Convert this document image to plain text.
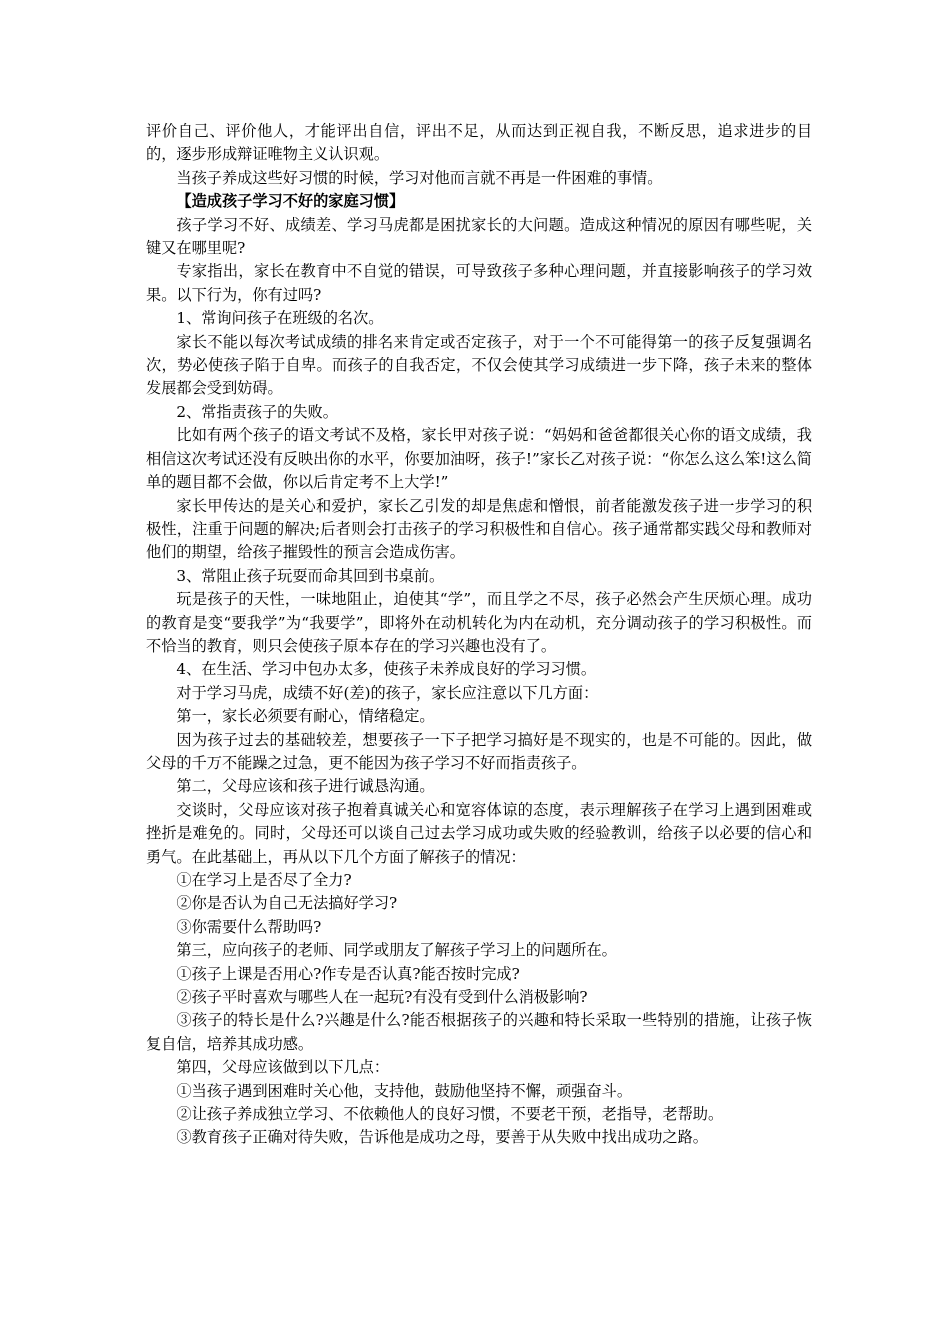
评价自己、评价他人，才能评出自信，评出不足，从而达到正视自我，不断反思，追求进步的目的，逐步形成辩证唯物主义认识观。

当孩子养成这些好习惯的时候，学习对他而言就不再是一件困难的事情。

【造成孩子学习不好的家庭习惯】

孩子学习不好、成绩差、学习马虎都是困扰家长的大问题。造成这种情况的原因有哪些呢，关键又在哪里呢?

专家指出，家长在教育中不自觉的错误，可导致孩子多种心理问题，并直接影响孩子的学习效果。以下行为，你有过吗?

1、常询问孩子在班级的名次。

家长不能以每次考试成绩的排名来肯定或否定孩子，对于一个不可能得第一的孩子反复强调名次，势必使孩子陷于自卑。而孩子的自我否定，不仅会使其学习成绩进一步下降，孩子未来的整体发展都会受到妨碍。

2、常指责孩子的失败。

比如有两个孩子的语文考试不及格，家长甲对孩子说：“妈妈和爸爸都很关心你的语文成绩，我相信这次考试还没有反映出你的水平，你要加油呀，孩子!”家长乙对孩子说：“你怎么这么笨!这么简单的题目都不会做，你以后肯定考不上大学!”

家长甲传达的是关心和爱护，家长乙引发的却是焦虑和憎恨，前者能激发孩子进一步学习的积极性，注重于问题的解决;后者则会打击孩子的学习积极性和自信心。孩子通常都实践父母和教师对他们的期望，给孩子摧毁性的预言会造成伤害。

3、常阻止孩子玩耍而命其回到书桌前。

玩是孩子的天性，一味地阻止，迫使其“学”，而且学之不尽，孩子必然会产生厌烦心理。成功的教育是变“要我学”为“我要学”，即将外在动机转化为内在动机，充分调动孩子的学习积极性。而不恰当的教育，则只会使孩子原本存在的学习兴趣也没有了。

4、在生活、学习中包办太多，使孩子未养成良好的学习习惯。

对于学习马虎，成绩不好(差)的孩子，家长应注意以下几方面：

第一，家长必须要有耐心，情绪稳定。

因为孩子过去的基础较差，想要孩子一下子把学习搞好是不现实的，也是不可能的。因此，做父母的千万不能躁之过急，更不能因为孩子学习不好而指责孩子。

第二，父母应该和孩子进行诚恳沟通。

交谈时，父母应该对孩子抱着真诚关心和宽容体谅的态度，表示理解孩子在学习上遇到困难或挫折是难免的。同时，父母还可以谈自己过去学习成功或失败的经验教训，给孩子以必要的信心和勇气。在此基础上，再从以下几个方面了解孩子的情况：

①在学习上是否尽了全力?

②你是否认为自己无法搞好学习?

③你需要什么帮助吗?

第三，应向孩子的老师、同学或朋友了解孩子学习上的问题所在。

①孩子上课是否用心?作专是否认真?能否按时完成?

②孩子平时喜欢与哪些人在一起玩?有没有受到什么消极影响?

③孩子的特长是什么?兴趣是什么?能否根据孩子的兴趣和特长采取一些特别的措施，让孩子恢复自信，培养其成功感。

第四，父母应该做到以下几点：

①当孩子遇到困难时关心他，支持他，鼓励他坚持不懈，顽强奋斗。

②让孩子养成独立学习、不依赖他人的良好习惯，不要老干预，老指导，老帮助。

③教育孩子正确对待失败，告诉他是成功之母，要善于从失败中找出成功之路。
